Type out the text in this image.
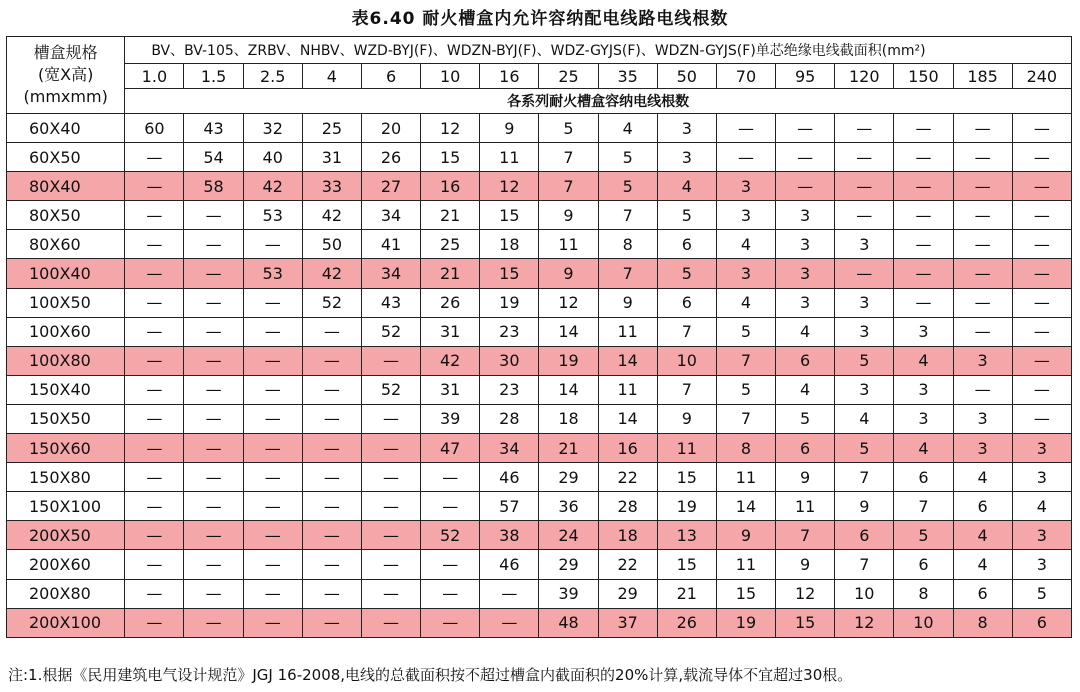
表6.40 耐火槽盒内允许容纳配电线路电线根数
槽盒规格
(宽X高)
(mmxmm)	BV、BV-105、ZRBV、NHBV、WZD-BYJ(F)、WDZN-BYJ(F)、WDZ-GYJS(F)、WDZN-GYJS(F)单芯绝缘电线截面积(mm²)															
	1.0	1.5	2.5	4	6	10	16	25	35	50	70	95	120	150	185	240
	各系列耐火槽盒容纳电线根数															
60X40	60	43	32	25	20	12	9	5	4	3	—	—	—	—	—	—
60X50	—	54	40	31	26	15	11	7	5	3	—	—	—	—	—	—
80X40	—	58	42	33	27	16	12	7	5	4	3	—	—	—	—	—
80X50	—	—	53	42	34	21	15	9	7	5	3	3	—	—	—	—
80X60	—	—	—	50	41	25	18	11	8	6	4	3	3	—	—	—
100X40	—	—	53	42	34	21	15	9	7	5	3	3	—	—	—	—
100X50	—	—	—	52	43	26	19	12	9	6	4	3	3	—	—	—
100X60	—	—	—	—	52	31	23	14	11	7	5	4	3	3	—	—
100X80	—	—	—	—	—	42	30	19	14	10	7	6	5	4	3	—
150X40	—	—	—	—	52	31	23	14	11	7	5	4	3	3	—	—
150X50	—	—	—	—	—	39	28	18	14	9	7	5	4	3	3	—
150X60	—	—	—	—	—	47	34	21	16	11	8	6	5	4	3	3
150X80	—	—	—	—	—	—	46	29	22	15	11	9	7	6	4	3
150X100	—	—	—	—	—	—	57	36	28	19	14	11	9	7	6	4
200X50	—	—	—	—	—	52	38	24	18	13	9	7	6	5	4	3
200X60	—	—	—	—	—	—	46	29	22	15	11	9	7	6	4	3
200X80	—	—	—	—	—	—	—	39	29	21	15	12	10	8	6	5
200X100	—	—	—	—	—	—	—	48	37	26	19	15	12	10	8	6
注:1.根据《民用建筑电气设计规范》JGJ 16-2008,电线的总截面积按不超过槽盒内截面积的20%计算,载流导体不宜超过30根。
